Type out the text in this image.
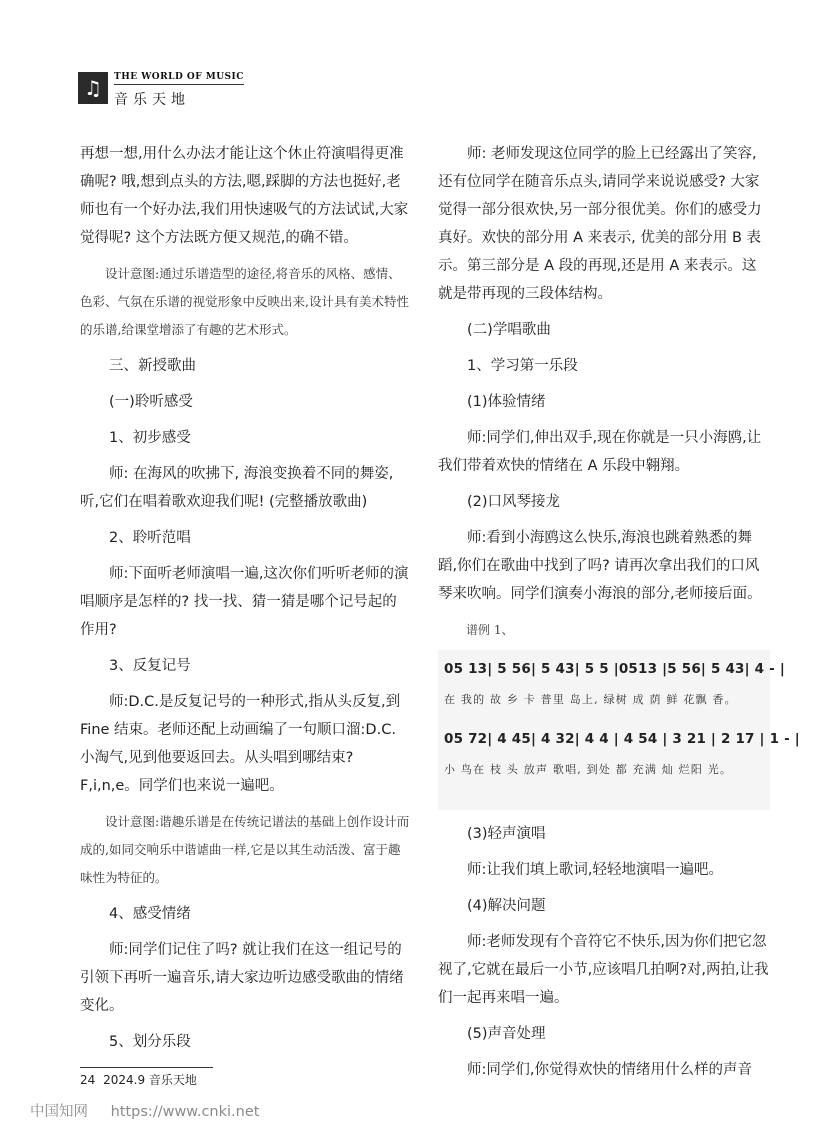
♫ THE WORLD OF MUSIC
音乐天地

再想一想,用什么办法才能让这个休止符演唱得更准确呢? 哦,想到点头的方法,嗯,踩脚的方法也挺好,老师也有一个好办法,我们用快速吸气的方法试试,大家觉得呢? 这个方法既方便又规范,的确不错。

设计意图:通过乐谱造型的途径,将音乐的风格、感情、色彩、气氛在乐谱的视觉形象中反映出来,设计具有美术特性的乐谱,给课堂增添了有趣的艺术形式。

三、新授歌曲

(一)聆听感受

1、初步感受

师: 在海风的吹拂下, 海浪变换着不同的舞姿,听,它们在唱着歌欢迎我们呢! (完整播放歌曲)

2、聆听范唱

师:下面听老师演唱一遍,这次你们听听老师的演唱顺序是怎样的? 找一找、猜一猜是哪个记号起的作用?

3、反复记号

师:D.C.是反复记号的一种形式,指从头反复,到Fine 结束。老师还配上动画编了一句顺口溜:D.C.小淘气,见到他要返回去。从头唱到哪结束? F,i,n,e。同学们也来说一遍吧。

设计意图:谐趣乐谱是在传统记谱法的基础上创作设计而成的,如同交响乐中谐谑曲一样,它是以其生动活泼、富于趣味性为特征的。

4、感受情绪

师:同学们记住了吗? 就让我们在这一组记号的引领下再听一遍音乐,请大家边听边感受歌曲的情绪变化。

5、划分乐段

师: 老师发现这位同学的脸上已经露出了笑容,还有位同学在随音乐点头,请同学来说说感受? 大家觉得一部分很欢快,另一部分很优美。你们的感受力真好。欢快的部分用 A 来表示, 优美的部分用 B 表示。第三部分是 A 段的再现,还是用 A 来表示。这就是带再现的三段体结构。

(二)学唱歌曲

1、学习第一乐段

(1)体验情绪

师:同学们,伸出双手,现在你就是一只小海鸥,让我们带着欢快的情绪在 A 乐段中翱翔。

(2)口风琴接龙

师:看到小海鸥这么快乐,海浪也跳着熟悉的舞蹈,你们在歌曲中找到了吗? 请再次拿出我们的口风琴来吹响。同学们演奏小海浪的部分,老师接后面。

谱例 1、
05 13| 5 56| 5 43| 5 5 |0513 |5 56| 5 43| 4 - |
在 我的 故 乡 卡 普里 岛上, 绿树 成 荫 鲜 花飘 香。
05 72| 4 45| 4 32| 4 4 | 4 54 | 3 21 | 2 17 | 1 - |
小 鸟在 枝 头 放声 歌唱, 到处 都 充满 灿 烂阳 光。

(3)轻声演唱

师:让我们填上歌词,轻轻地演唱一遍吧。

(4)解决问题

师:老师发现有个音符它不快乐,因为你们把它忽视了,它就在最后一小节,应该唱几拍啊?对,两拍,让我们一起再来唱一遍。

(5)声音处理

师:同学们,你觉得欢快的情绪用什么样的声音

24 2024.9 音乐天地
中国知网 https://www.cnki.net
